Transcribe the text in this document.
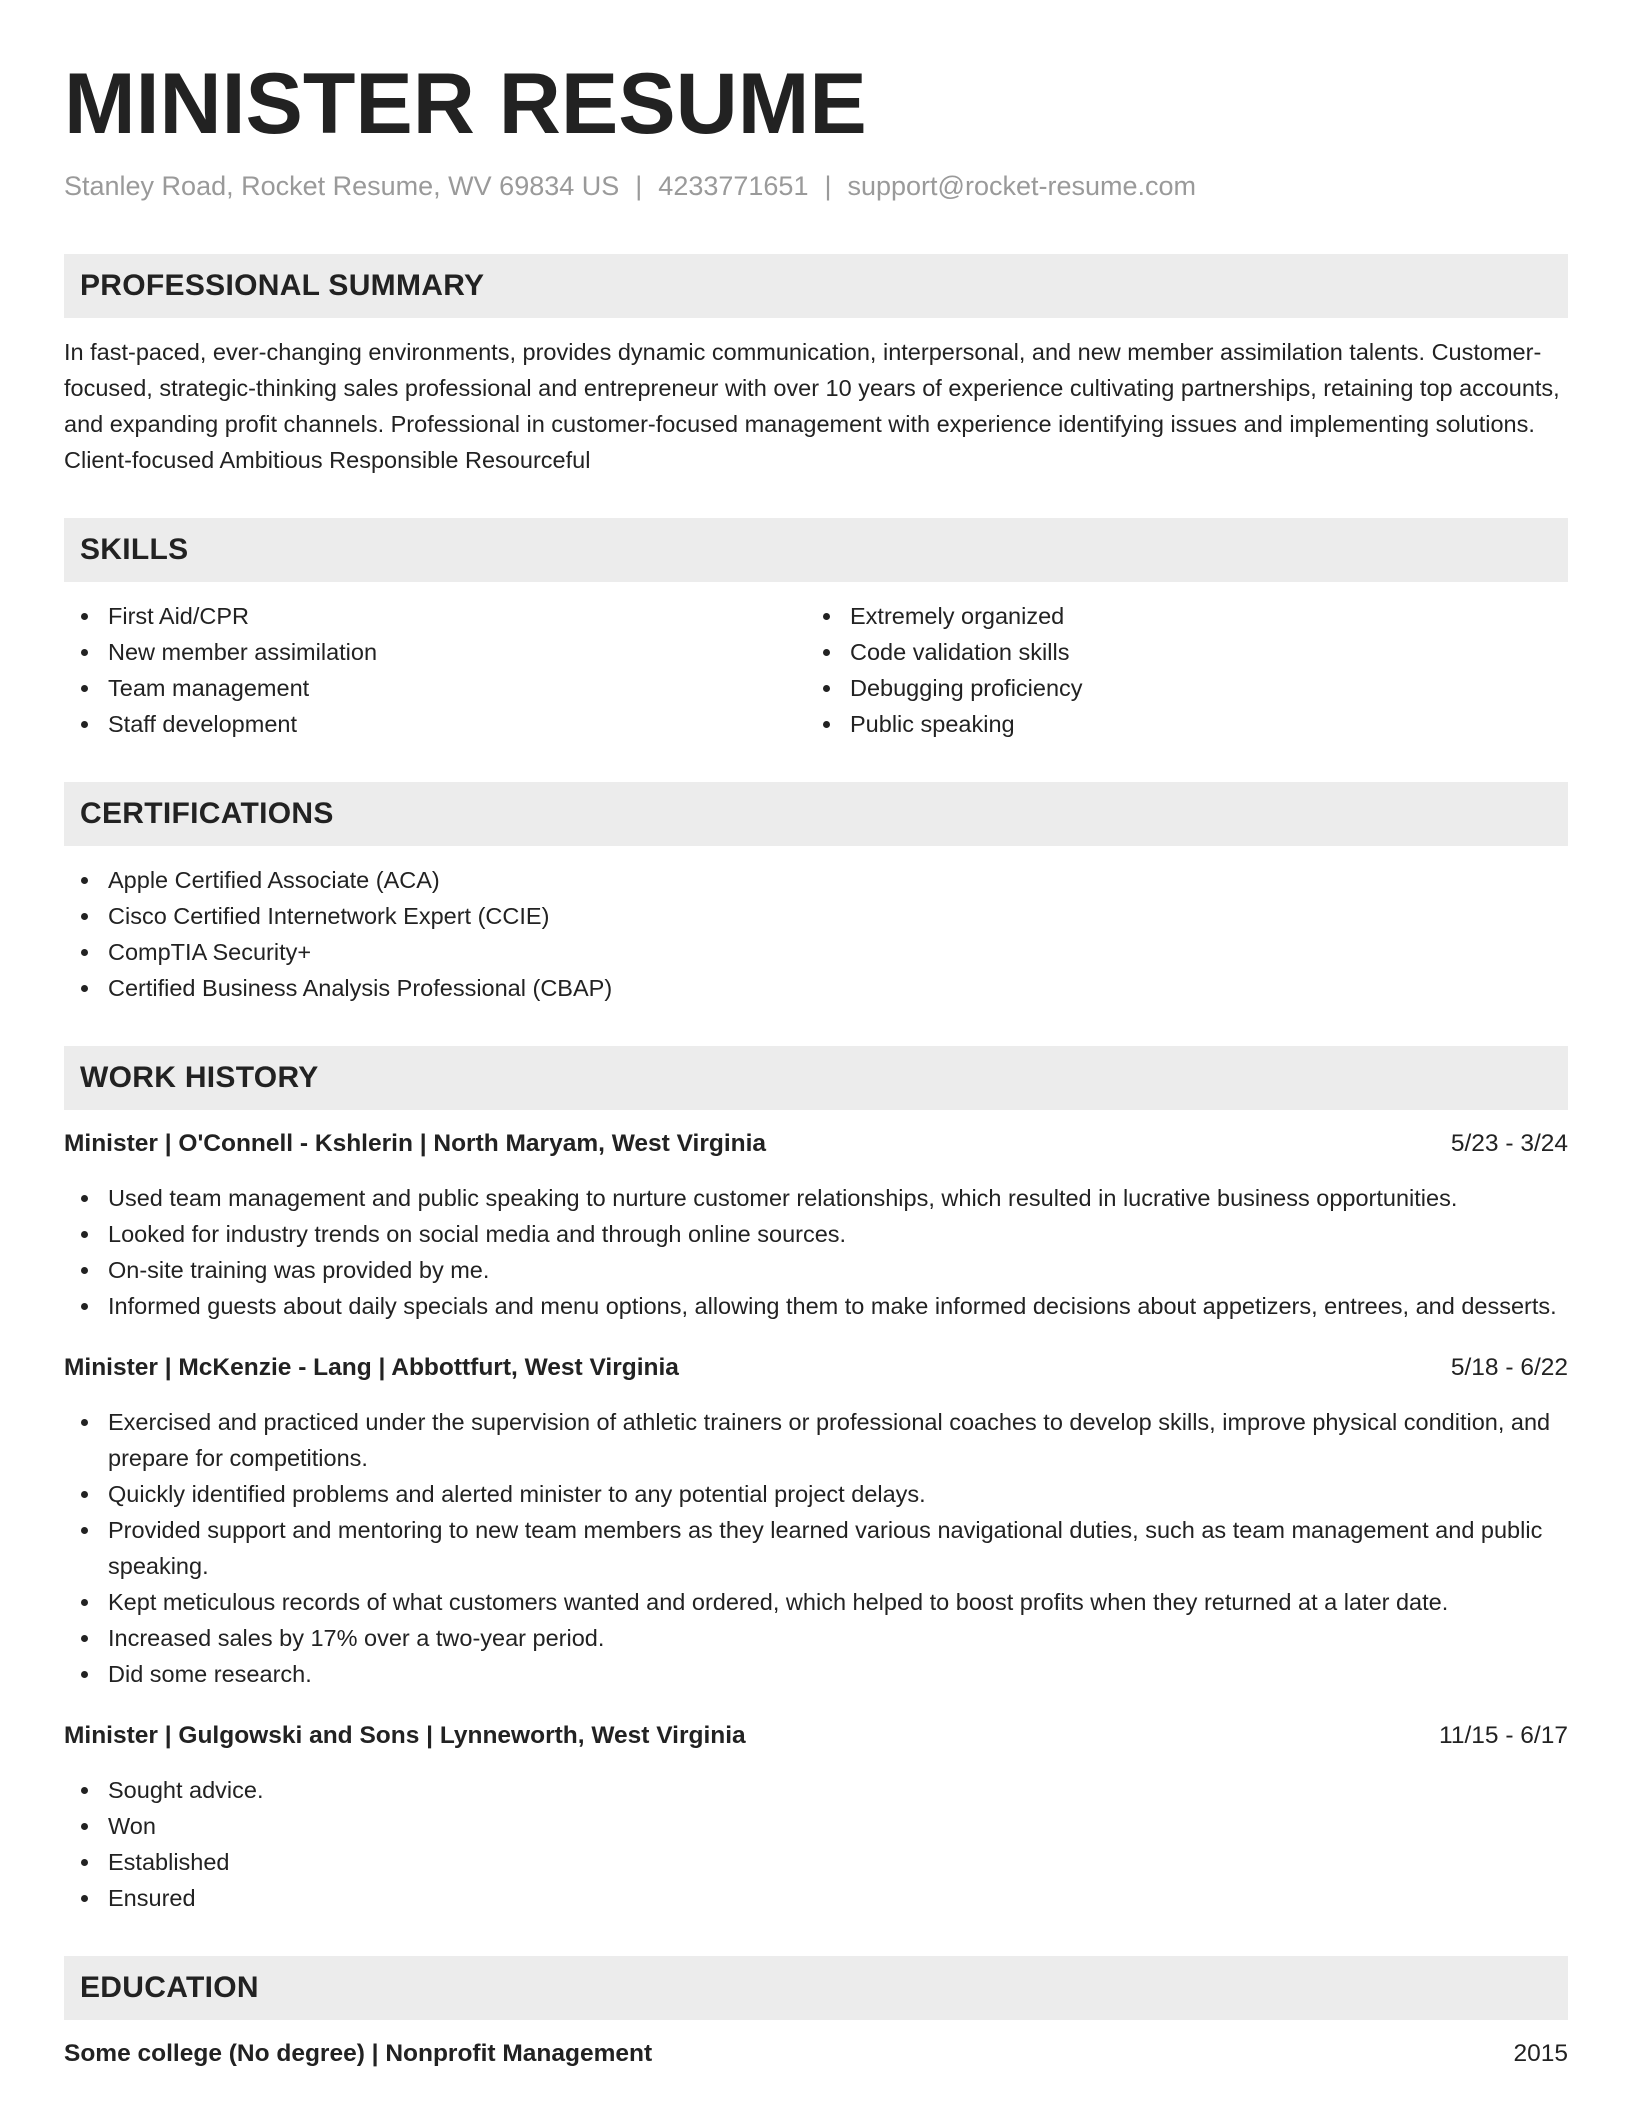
MINISTER RESUME
Stanley Road, Rocket Resume, WV 69834 US | 4233771651 | support@rocket-resume.com
PROFESSIONAL SUMMARY
In fast-paced, ever-changing environments, provides dynamic communication, interpersonal, and new member assimilation talents. Customer-focused, strategic-thinking sales professional and entrepreneur with over 10 years of experience cultivating partnerships, retaining top accounts, and expanding profit channels. Professional in customer-focused management with experience identifying issues and implementing solutions. Client-focused Ambitious Responsible Resourceful
SKILLS
First Aid/CPR
New member assimilation
Team management
Staff development
Extremely organized
Code validation skills
Debugging proficiency
Public speaking
CERTIFICATIONS
Apple Certified Associate (ACA)
Cisco Certified Internetwork Expert (CCIE)
CompTIA Security+
Certified Business Analysis Professional (CBAP)
WORK HISTORY
Minister | O'Connell - Kshlerin | North Maryam, West Virginia	5/23 - 3/24
Used team management and public speaking to nurture customer relationships, which resulted in lucrative business opportunities.
Looked for industry trends on social media and through online sources.
On-site training was provided by me.
Informed guests about daily specials and menu options, allowing them to make informed decisions about appetizers, entrees, and desserts.
Minister | McKenzie - Lang | Abbottfurt, West Virginia	5/18 - 6/22
Exercised and practiced under the supervision of athletic trainers or professional coaches to develop skills, improve physical condition, and prepare for competitions.
Quickly identified problems and alerted minister to any potential project delays.
Provided support and mentoring to new team members as they learned various navigational duties, such as team management and public speaking.
Kept meticulous records of what customers wanted and ordered, which helped to boost profits when they returned at a later date.
Increased sales by 17% over a two-year period.
Did some research.
Minister | Gulgowski and Sons | Lynneworth, West Virginia	11/15 - 6/17
Sought advice.
Won
Established
Ensured
EDUCATION
Some college (No degree) | Nonprofit Management	2015
